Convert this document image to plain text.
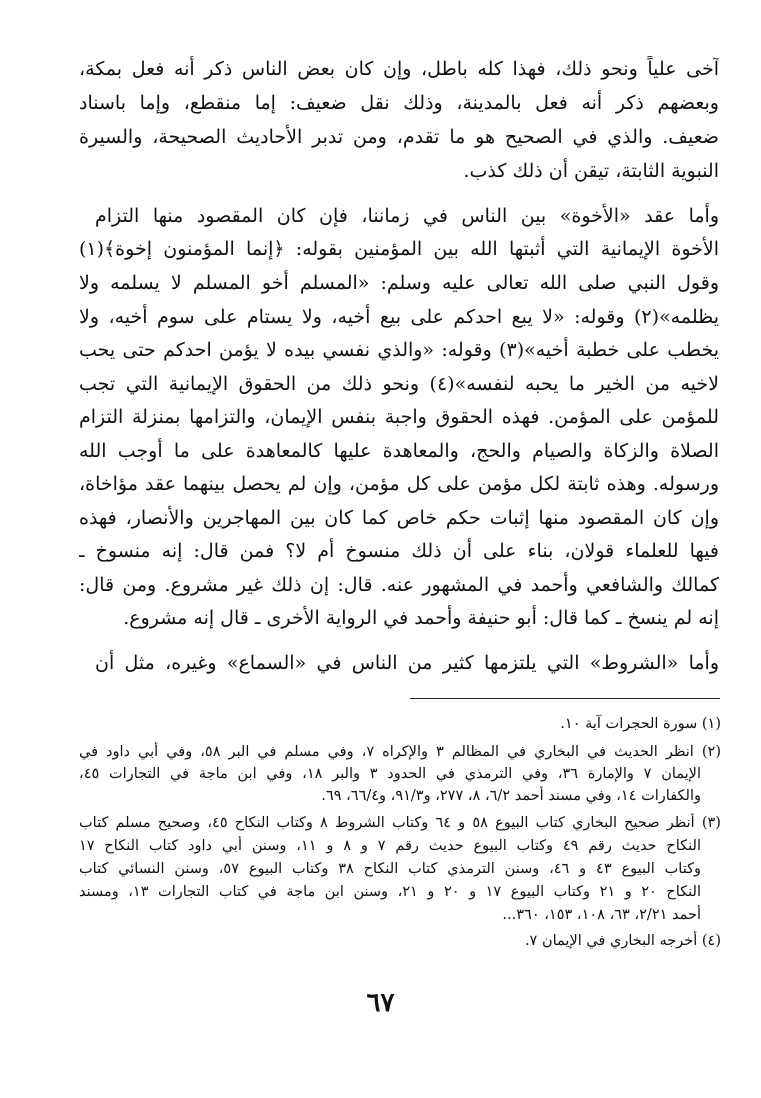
آخى علياً ونحو ذلك، فهذا كله باطل، وإن كان بعض الناس ذكر أنه فعل بمكة،
وبعضهم ذكر أنه فعل بالمدينة، وذلك نقل ضعيف: إما منقطع، وإما باسناد
ضعيف. والذي في الصحيح هو ما تقدم، ومن تدبر الأحاديث الصحيحة، والسيرة
النبوية الثابتة، تيقن أن ذلك كذب.
وأما عقد «الأخوة» بين الناس في زماننا، فإن كان المقصود منها التزام
الأخوة الإيمانية التي أثبتها الله بين المؤمنين بقوله: ﴿إنما المؤمنون إخوة﴾(١)
وقول النبي صلى الله تعالى عليه وسلم: «المسلم أخو المسلم لا يسلمه ولا
يظلمه»(٢) وقوله: «لا يبع احدكم على بيع أخيه، ولا يستام على سوم أخيه، ولا
يخطب على خطبة أخيه»(٣) وقوله: «والذي نفسي بيده لا يؤمن احدكم حتى يحب
لاخيه من الخير ما يحبه لنفسه»(٤) ونحو ذلك من الحقوق الإيمانية التي تجب
للمؤمن على المؤمن. فهذه الحقوق واجبة بنفس الإيمان، والتزامها بمنزلة التزام
الصلاة والزكاة والصيام والحج، والمعاهدة عليها كالمعاهدة على ما أوجب الله
ورسوله. وهذه ثابتة لكل مؤمن على كل مؤمن، وإن لم يحصل بينهما عقد مؤاخاة،
وإن كان المقصود منها إثبات حكم خاص كما كان بين المهاجرين والأنصار، فهذه
فيها للعلماء قولان، بناء على أن ذلك منسوخ أم لا؟ فمن قال: إنه منسوخ ـ
كمالك والشافعي وأحمد في المشهور عنه. قال: إن ذلك غير مشروع. ومن قال:
إنه لم ينسخ ـ كما قال: أبو حنيفة وأحمد في الرواية الأخرى ـ قال إنه مشروع.
وأما «الشروط» التي يلتزمها كثير من الناس في «السماع» وغيره، مثل أن
(١) سورة الحجرات آية ١٠.
(٢) انظر الحديث في البخاري في المظالم ٣ والإكراه ٧، وفي مسلم في البر ٥٨، وفي أبي داود في
الإيمان ٧ والإمارة ٣٦، وفي الترمذي في الحدود ٣ والبر ١٨، وفي ابن ماجة في التجارات ٤٥،
والكفارات ١٤، وفي مسند أحمد ٦/٢، ٨، ٢٧٧، و٩١/٣، و٦٦/٤، ٦٩.
(٣) أنظر صحيح البخاري كتاب البيوع ٥٨ و ٦٤ وكتاب الشروط ٨ وكتاب النكاح ٤٥، وصحيح مسلم كتاب
النكاح حديث رقم ٤٩ وكتاب البيوع حديث رقم ٧ و ٨ و ١١، وسنن أبي داود كتاب النكاح ١٧
وكتاب البيوع ٤٣ و ٤٦، وسنن الترمذي كتاب النكاح ٣٨ وكتاب البيوع ٥٧، وسنن النسائي كتاب
النكاح ٢٠ و ٢١ وكتاب البيوع ١٧ و ٢٠ و ٢١، وسنن ابن ماجة في كتاب التجارات ١٣، ومسند
أحمد ٢/٢١، ٦٣، ١٠٨، ١٥٣، ٣٦٠...
(٤) أخرجه البخاري في الإيمان ٧.
٦٧
